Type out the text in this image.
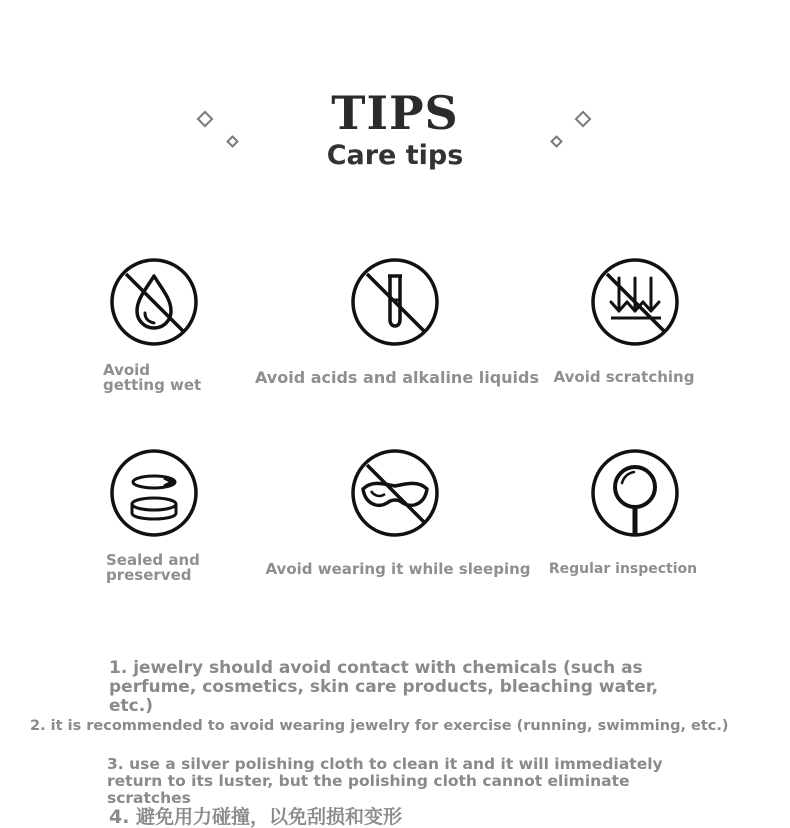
TIPS
Care tips
Avoid getting wet	Avoid acids and alkaline liquids Avoid scratching
Sealed and preserved	Avoid wearing it while sleeping	Regular inspection
1. jewelry should avoid contact with chemicals (such as perfume, cosmetics, skin care products, bleaching water, etc.)
2. it is recommended to avoid wearing jewelry for exercise (running, swimming, etc.)
3. use a silver polishing cloth to clean it and it will immediately return to its luster, but the polishing cloth cannot eliminate scratches
4. 避免用力碰撞，以免刮损和变形
